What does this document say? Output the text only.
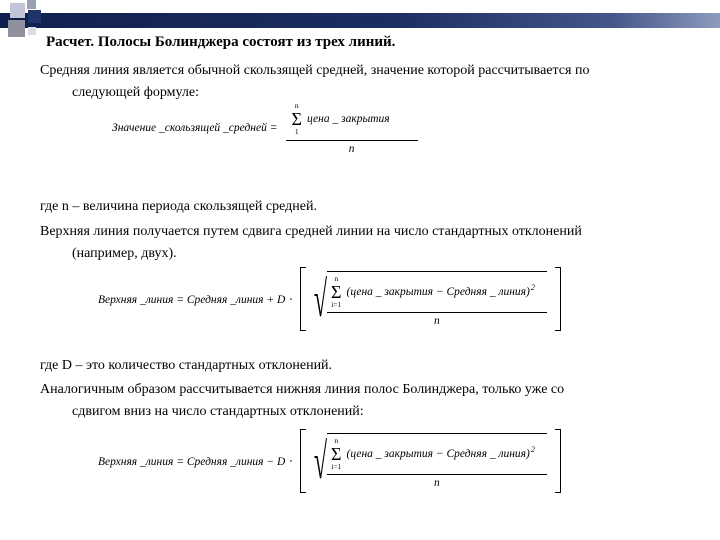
Расчет. Полосы Болинджера состоят из трех линий.
Средняя линия является обычной скользящей средней, значение которой рассчитывается по
следующей формуле:
Значение _скользящей _средней = n
Σ
1
цена _ закрытия
n
где n – величина периода скользящей средней.
Верхняя линия получается путем сдвига средней линии на число стандартных отклонений
(например, двух).
Верхняя _линия = Средняя _линия + D ⋅ √ n
Σ
i=1
(цена _ закрытия − Средняя _ линия) 2
n
где D – это количество стандартных отклонений.
Аналогичным образом рассчитывается нижняя линия полос Болинджера, только уже со
сдвигом вниз на число стандартных отклонений:
Верхняя _линия = Средняя _линия − D ⋅ √ n
Σ
i=1
(цена _ закрытия − Средняя _ линия) 2
n
